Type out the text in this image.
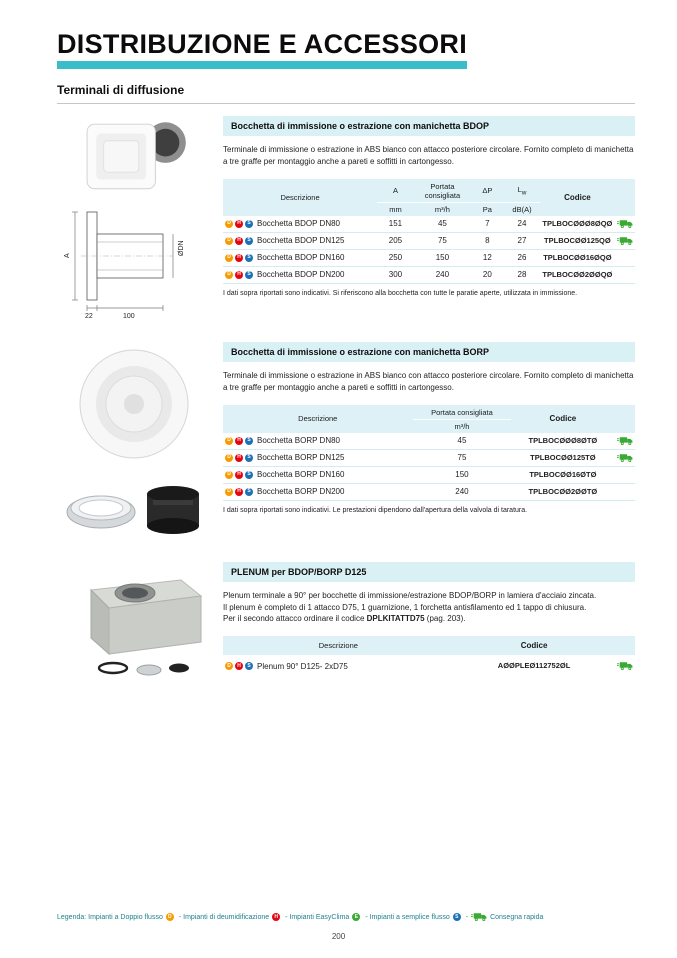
DISTRIBUZIONE E ACCESSORI
Terminali di diffusione
A	ØDN
22	100
Bocchetta di immissione o estrazione con manichetta BDOP

Terminale di immissione o estrazione in ABS bianco con attacco posteriore circolare. Fornito completo di manichetta a tre graffe per montaggio anche a pareti e soffitti in cartongesso.

Descrizione	A	Portata consigliata	ΔP	$L_w$	Codice	
	mm	m³/h	Pa	dB(A)		
D H S Bocchetta BDOP DN80	151	45	7	24	TPLBOCØØØ8ØQØ	
D H S Bocchetta BDOP DN125	205	75	8	27	TPLBOCØØ125QØ	
D H S Bocchetta BDOP DN160	250	150	12	26	TPLBOCØØ16ØQØ	
D H S Bocchetta BDOP DN200	300	240	20	28	TPLBOCØØ2ØØQØ	

I dati sopra riportati sono indicativi. Si riferiscono alla bocchetta con tutte le paratie aperte, utilizzata in immissione.

Bocchetta di immissione o estrazione con manichetta BORP

Terminale di immissione o estrazione in ABS bianco con attacco posteriore circolare. Fornito completo di manichetta a tre graffe per montaggio anche a pareti e soffitti in cartongesso.

Descrizione	Portata consigliata	Codice	
	m³/h		
D H S Bocchetta BORP DN80	45	TPLBOCØØØ8ØTØ	
D H S Bocchetta BORP DN125	75	TPLBOCØØ125TØ	
D H S Bocchetta BORP DN160	150	TPLBOCØØ16ØTØ	
D H S Bocchetta BORP DN200	240	TPLBOCØØ2ØØTØ	

I dati sopra riportati sono indicativi. Le prestazioni dipendono dall'apertura della valvola di taratura.

PLENUM per BDOP/BORP D125

Plenum terminale a 90° per bocchette di immissione/estrazione BDOP/BORP in lamiera d'acciaio zincata.
Il plenum è completo di 1 attacco D75, 1 guarnizione, 1 forchetta antisfilamento ed 1 tappo di chiusura.
Per il secondo attacco ordinare il codice DPLKITATTD75 (pag. 203).

Descrizione	Codice	
D H S Plenum 90° D125- 2xD75	AØØPLEØ112752ØL	
Legenda: Impianti a Doppio flusso	D	- Impianti di deumidificazione	H	- Impianti EasyClima	E	- Impianti a semplice flusso	S	-	Consegna rapida
200
